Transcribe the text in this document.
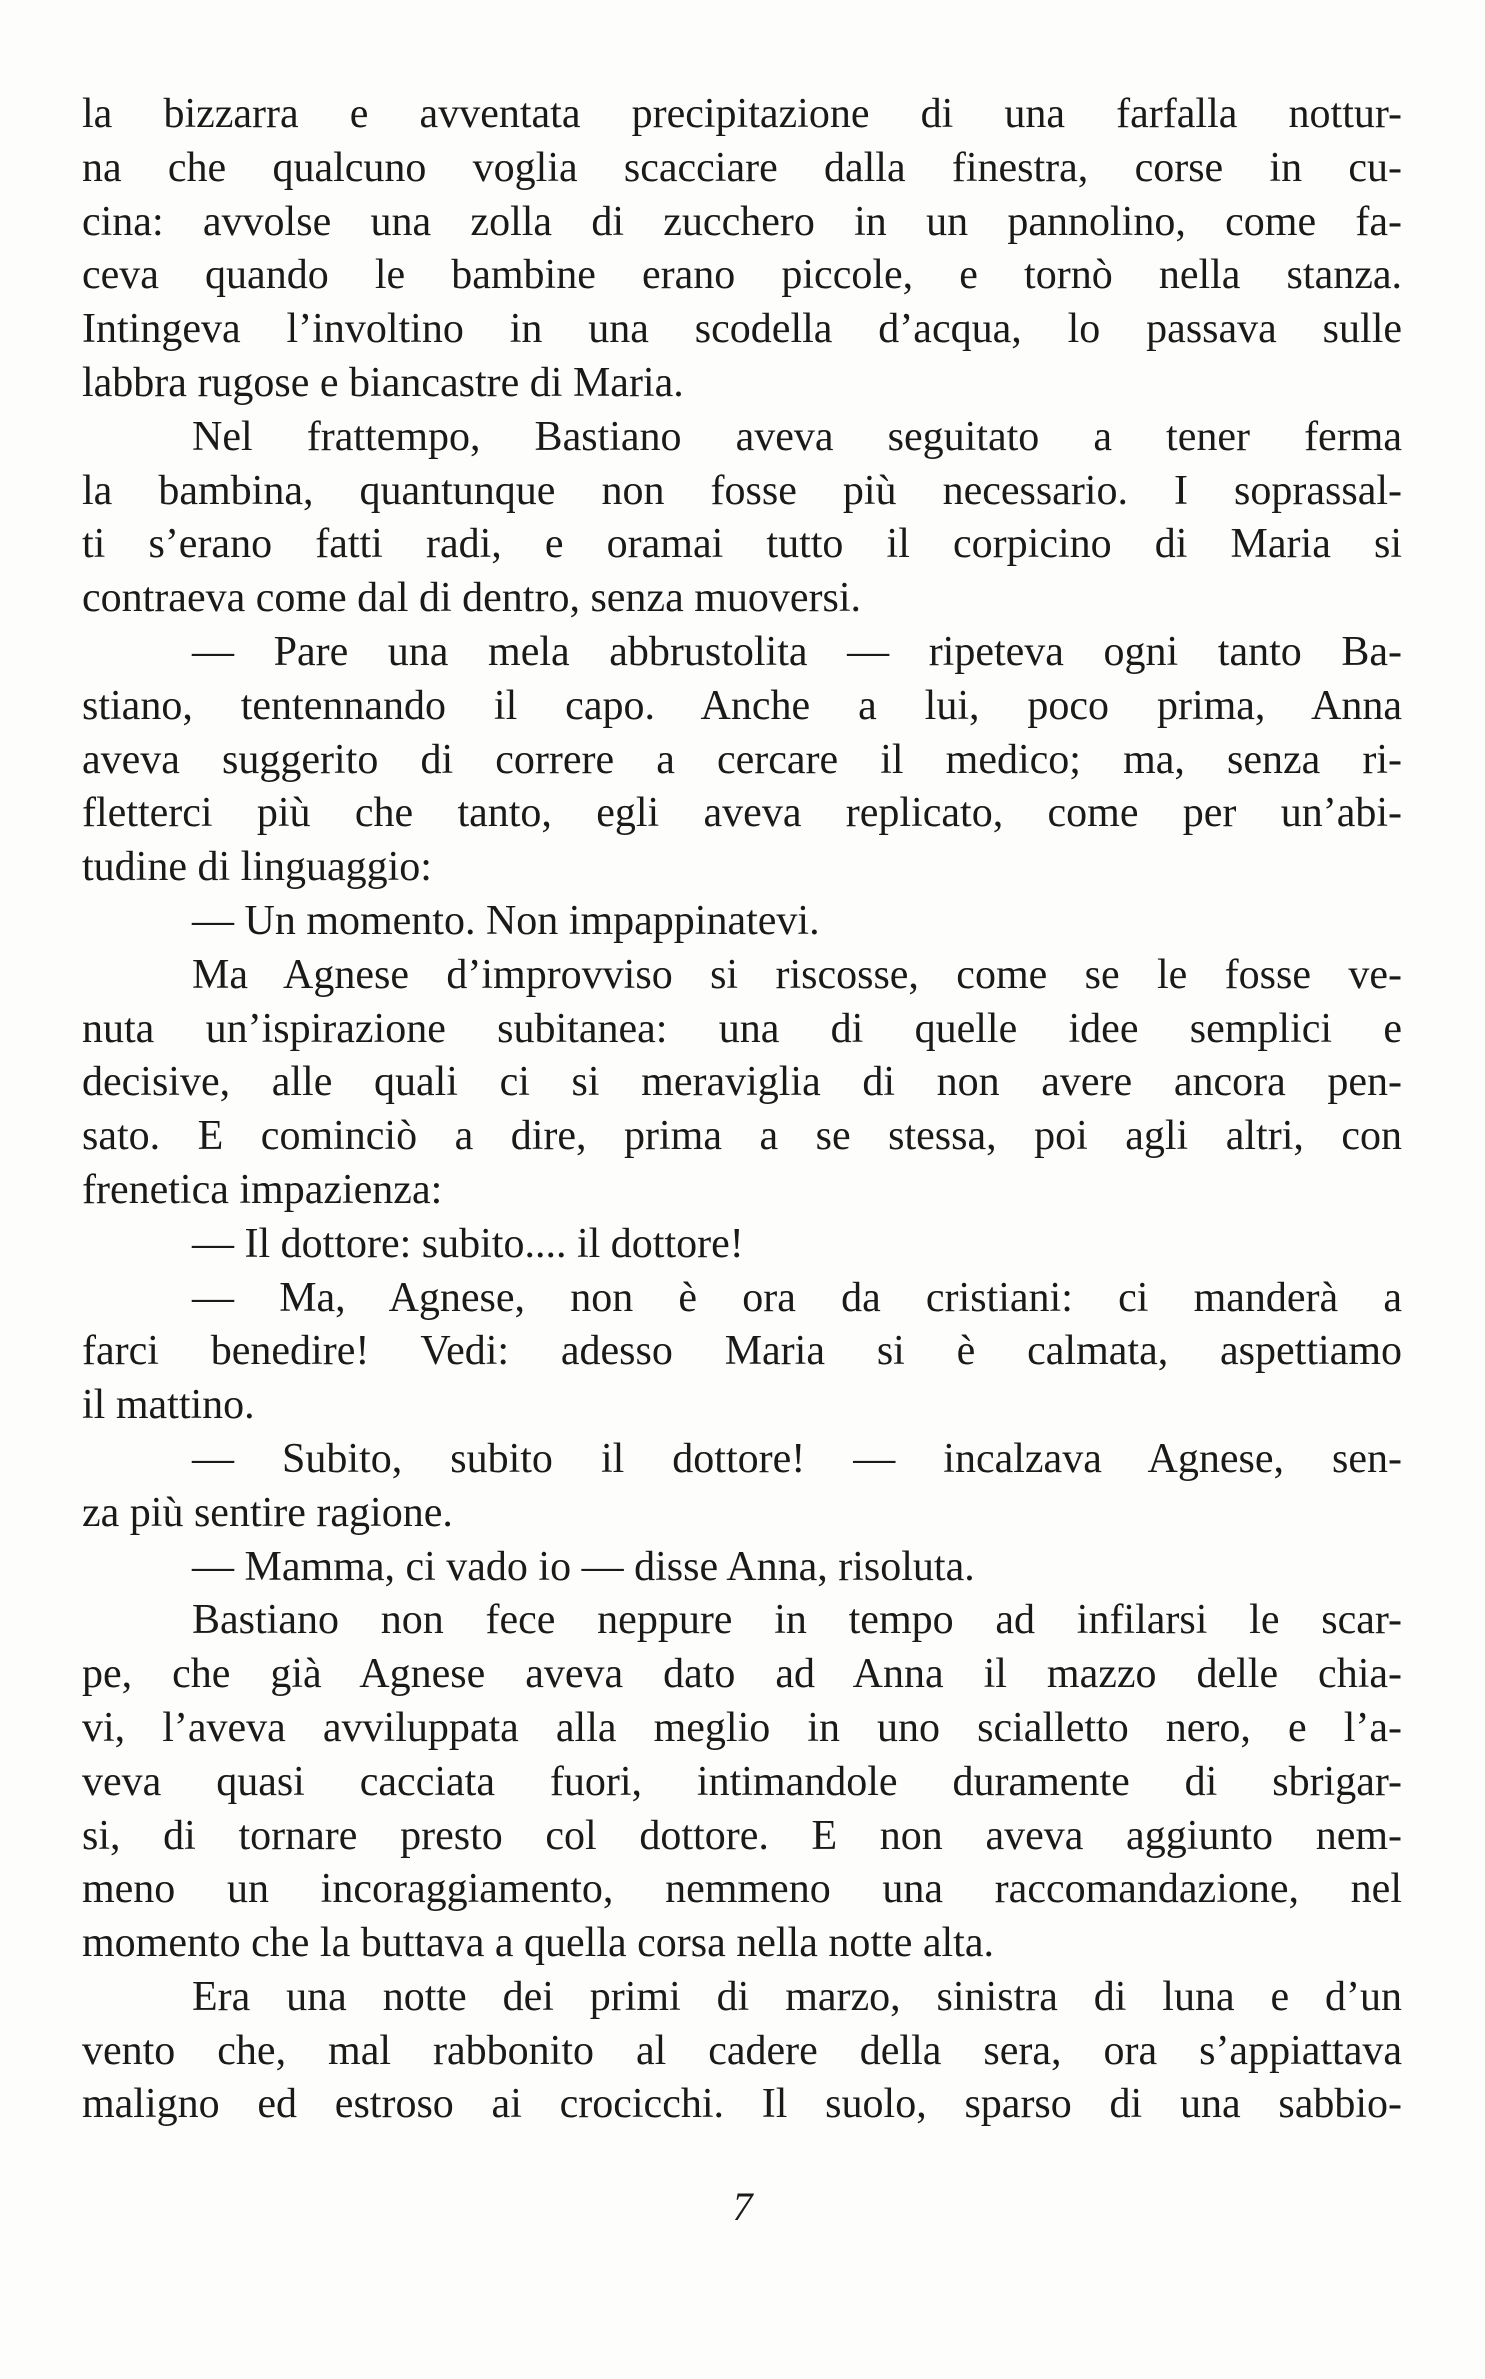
la bizzarra e avventata precipitazione di una farfalla nottur-
na che qualcuno voglia scacciare dalla finestra, corse in cu-
cina: avvolse una zolla di zucchero in un pannolino, come fa-
ceva quando le bambine erano piccole, e tornò nella stanza.
Intingeva l’involtino in una scodella d’acqua, lo passava sulle
labbra rugose e biancastre di Maria.
Nel frattempo, Bastiano aveva seguitato a tener ferma
la bambina, quantunque non fosse più necessario. I soprassal-
ti s’erano fatti radi, e oramai tutto il corpicino di Maria si
contraeva come dal di dentro, senza muoversi.
— Pare una mela abbrustolita — ripeteva ogni tanto Ba-
stiano, tentennando il capo. Anche a lui, poco prima, Anna
aveva suggerito di correre a cercare il medico; ma, senza ri-
fletterci più che tanto, egli aveva replicato, come per un’abi-
tudine di linguaggio:
— Un momento. Non impappinatevi.
Ma Agnese d’improvviso si riscosse, come se le fosse ve-
nuta un’ispirazione subitanea: una di quelle idee semplici e
decisive, alle quali ci si meraviglia di non avere ancora pen-
sato. E cominciò a dire, prima a se stessa, poi agli altri, con
frenetica impazienza:
— Il dottore: subito.... il dottore!
— Ma, Agnese, non è ora da cristiani: ci manderà a
farci benedire! Vedi: adesso Maria si è calmata, aspettiamo
il mattino.
— Subito, subito il dottore! — incalzava Agnese, sen-
za più sentire ragione.
— Mamma, ci vado io — disse Anna, risoluta.
Bastiano non fece neppure in tempo ad infilarsi le scar-
pe, che già Agnese aveva dato ad Anna il mazzo delle chia-
vi, l’aveva avviluppata alla meglio in uno scialletto nero, e l’a-
veva quasi cacciata fuori, intimandole duramente di sbrigar-
si, di tornare presto col dottore. E non aveva aggiunto nem-
meno un incoraggiamento, nemmeno una raccomandazione, nel
momento che la buttava a quella corsa nella notte alta.
Era una notte dei primi di marzo, sinistra di luna e d’un
vento che, mal rabbonito al cadere della sera, ora s’appiattava
maligno ed estroso ai crocicchi. Il suolo, sparso di una sabbio-
7
